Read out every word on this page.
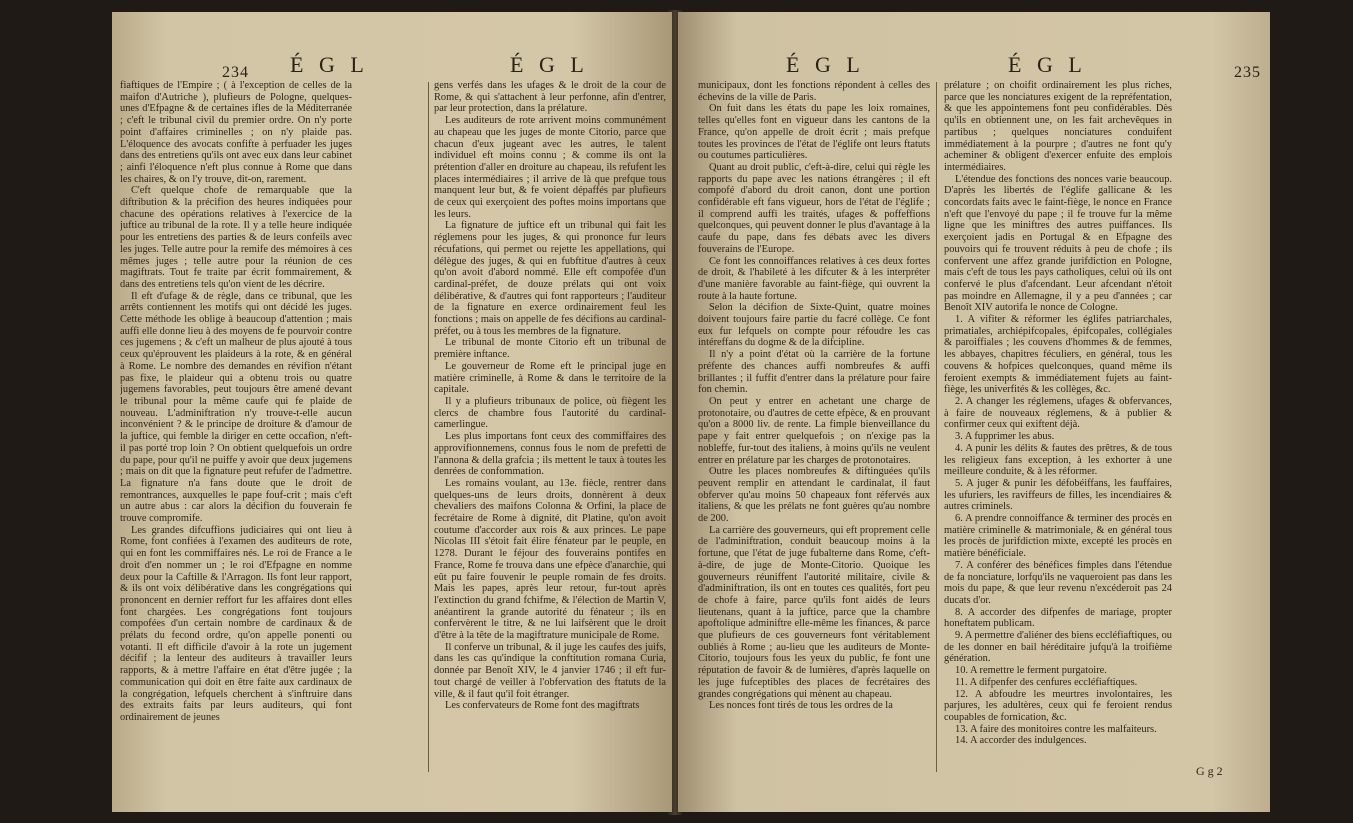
234 É G L	É G L

fiaftiques de l'Empire ; ( à l'exception de celles de la maifon d'Autriche ), plufieurs de Pologne, quelques-unes d'Efpagne & de certaines ifles de la Méditerranée ; c'eft le tribunal civil du premier ordre. On n'y porte point d'affaires criminelles ; on n'y plaide pas. L'éloquence des avocats confifte à perfuader les juges dans des entretiens qu'ils ont avec eux dans leur cabinet ; ainfi l'éloquence n'eft plus connue à Rome que dans les chaires, & on l'y trouve, dit-on, rarement.

C'eft quelque chofe de remarquable que la diftribution & la précifion des heures indiquées pour chacune des opérations relatives à l'exercice de la juftice au tribunal de la rote. Il y a telle heure indiquée pour les entretiens des parties & de leurs confeils avec les juges. Telle autre pour la remife des mémoires à ces mêmes juges ; telle autre pour la réunion de ces magiftrats. Tout fe traite par écrit fommairement, & dans des entretiens tels qu'on vient de les décrire.

Il eft d'ufage & de règle, dans ce tribunal, que les arrêts contiennent les motifs qui ont décidé les juges. Cette méthode les oblige à beaucoup d'attention ; mais auffi elle donne lieu à des moyens de fe pourvoir contre ces jugemens ; & c'eft un malheur de plus ajouté à tous ceux qu'éprouvent les plaideurs à la rote, & en général à Rome. Le nombre des demandes en révifion n'étant pas fixe, le plaideur qui a obtenu trois ou quatre jugemens favorables, peut toujours être amené devant le tribunal pour la même caufe qui fe plaide de nouveau. L'adminiftration n'y trouve-t-elle aucun inconvénient ? & le principe de droiture & d'amour de la juftice, qui femble la diriger en cette occafion, n'eft-il pas porté trop loin ? On obtient quelquefois un ordre du pape, pour qu'il ne puiffe y avoir que deux jugemens ; mais on dit que la fignature peut refufer de l'admettre. La fignature n'a fans doute que le droit de remontrances, auxquelles le pape fouf-crit ; mais c'eft un autre abus : car alors la décifion du fouverain fe trouve compromife.

Les grandes difcuffions judiciaires qui ont lieu à Rome, font confiées à l'examen des auditeurs de rote, qui en font les commiffaires nés. Le roi de France a le droit d'en nommer un ; le roi d'Efpagne en nomme deux pour la Caftille & l'Arragon. Ils font leur rapport, & ils ont voix délibérative dans les congrégations qui prononcent en dernier reffort fur les affaires dont elles font chargées. Les congrégations font toujours compofées d'un certain nombre de cardinaux & de prélats du fecond ordre, qu'on appelle ponenti ou votanti. Il eft difficile d'avoir à la rote un jugement décifif ; la lenteur des auditeurs à travailler leurs rapports, & à mettre l'affaire en état d'être jugée ; la communication qui doit en être faite aux cardinaux de la congrégation, lefquels cherchent à s'inftruire dans des extraits faits par leurs auditeurs, qui font ordinairement de jeunes

gens verfés dans les ufages & le droit de la cour de Rome, & qui s'attachent à leur perfonne, afin d'entrer, par leur protection, dans la prélature.

Les auditeurs de rote arrivent moins communément au chapeau que les juges de monte Citorio, parce que chacun d'eux jugeant avec les autres, le talent individuel eft moins connu ; & comme ils ont la prétention d'aller en droiture au chapeau, ils refufent les places intermédiaires ; il arrive de là que prefque tous manquent leur but, & fe voient dépaffés par plufieurs de ceux qui exerçoient des poftes moins importans que les leurs.

La fignature de juftice eft un tribunal qui fait les réglemens pour les juges, & qui prononce fur leurs récufations, qui permet ou rejette les appellations, qui délègue des juges, & qui en fubftitue d'autres à ceux qu'on avoit d'abord nommé. Elle eft compofée d'un cardinal-préfet, de douze prélats qui ont voix délibérative, & d'autres qui font rapporteurs ; l'auditeur de la fignature en exerce ordinairement feul les fonctions ; mais on appelle de fes décifions au cardinal-préfet, ou à tous les membres de la fignature.

Le tribunal de monte Citorio eft un tribunal de première inftance.

Le gouverneur de Rome eft le principal juge en matière criminelle, à Rome & dans le territoire de la capitale.

Il y a plufieurs tribunaux de police, où fiègent les clercs de chambre fous l'autorité du cardinal-camerlingue.

Les plus importans font ceux des commiffaires des approvifionnemens, connus fous le nom de prefetti de l'annona & della grafcia ; ils mettent le taux à toutes les denrées de confommation.

Les romains voulant, au 13e. fiècle, rentrer dans quelques-uns de leurs droits, donnèrent à deux chevaliers des maifons Colonna & Orfini, la place de fecrétaire de Rome à dignité, dit Platine, qu'on avoit coutume d'accorder aux rois & aux princes. Le pape Nicolas III s'étoit fait élire fénateur par le peuple, en 1278. Durant le féjour des fouverains pontifes en France, Rome fe trouva dans une efpèce d'anarchie, qui eût pu faire fouvenir le peuple romain de fes droits. Mais les papes, après leur retour, fur-tout après l'extinction du grand fchifme, & l'élection de Martin V, anéantirent la grande autorité du fénateur ; ils en confervèrent le titre, & ne lui laifsèrent que le droit d'être à la tête de la magiftrature municipale de Rome.

Il conferve un tribunal, & il juge les caufes des juifs, dans les cas qu'indique la conftitution romana Curia, donnée par Benoît XIV, le 4 janvier 1746 ; il eft fur-tout chargé de veiller à l'obfervation des ftatuts de la ville, & il faut qu'il foit étranger.

Les confervateurs de Rome font des magiftrats

É G L	É G L	235

municipaux, dont les fonctions répondent à celles des échevins de la ville de Paris.

On fuit dans les états du pape les loix romaines, telles qu'elles font en vigueur dans les cantons de la France, qu'on appelle de droit écrit ; mais prefque toutes les provinces de l'état de l'églife ont leurs ftatuts ou coutumes particulières.

Quant au droit public, c'eft-à-dire, celui qui règle les rapports du pape avec les nations étrangères ; il eft compofé d'abord du droit canon, dont une portion confidérable eft fans vigueur, hors de l'état de l'églife ; il comprend auffi les traités, ufages & poffeffions quelconques, qui peuvent donner le plus d'avantage à la caufe du pape, dans fes débats avec les divers fouverains de l'Europe.

Ce font les connoiffances relatives à ces deux fortes de droit, & l'habileté à les difcuter & à les interpréter d'une manière favorable au faint-fiège, qui ouvrent la route à la haute fortune.

Selon la décifion de Sixte-Quint, quatre moines doivent toujours faire partie du facré collège. Ce font eux fur lefquels on compte pour réfoudre les cas intéreffans du dogme & de la difcipline.

Il n'y a point d'état où la carrière de la fortune préfente des chances auffi nombreufes & auffi brillantes ; il fuffit d'entrer dans la prélature pour faire fon chemin.

On peut y entrer en achetant une charge de protonotaire, ou d'autres de cette efpèce, & en prouvant qu'on a 8000 liv. de rente. La fimple bienveillance du pape y fait entrer quelquefois ; on n'exige pas la nobleffe, fur-tout des italiens, à moins qu'ils ne veulent entrer en prélature par les charges de protonotaires.

Outre les places nombreufes & diftinguées qu'ils peuvent remplir en attendant le cardinalat, il faut obferver qu'au moins 50 chapeaux font réfervés aux italiens, & que les prélats ne font guères qu'au nombre de 200.

La carrière des gouverneurs, qui eft proprement celle de l'adminiftration, conduit beaucoup moins à la fortune, que l'état de juge fubalterne dans Rome, c'eft-à-dire, de juge de Monte-Citorio. Quoique les gouverneurs réuniffent l'autorité militaire, civile & d'adminiftration, ils ont en toutes ces qualités, fort peu de chofe à faire, parce qu'ils font aidés de leurs lieutenans, quant à la juftice, parce que la chambre apoftolique adminiftre elle-même les finances, & parce que plufieurs de ces gouverneurs font véritablement oubliés à Rome ; au-lieu que les auditeurs de Monte-Citorio, toujours fous les yeux du public, fe font une réputation de favoir & de lumières, d'après laquelle on les juge fufceptibles des places de fecrétaires des grandes congrégations qui mènent au chapeau.

Les nonces font tirés de tous les ordres de la

prélature ; on choifit ordinairement les plus riches, parce que les nonciatures exigent de la repréfentation, & que les appointemens font peu confidérables. Dès qu'ils en obtiennent une, on les fait archevêques in partibus ; quelques nonciatures conduifent immédiatement à la pourpre ; d'autres ne font qu'y acheminer & obligent d'exercer enfuite des emplois intermédiaires.

L'étendue des fonctions des nonces varie beaucoup. D'après les libertés de l'églife gallicane & les concordats faits avec le faint-fiège, le nonce en France n'eft que l'envoyé du pape ; il fe trouve fur la même ligne que les miniftres des autres puiffances. Ils exerçoient jadis en Portugal & en Efpagne des pouvoirs qui fe trouvent réduits à peu de chofe ; ils confervent une affez grande jurifdiction en Pologne, mais c'eft de tous les pays catholiques, celui où ils ont confervé le plus d'afcendant. Leur afcendant n'étoit pas moindre en Allemagne, il y a peu d'années ; car Benoît XIV autorifa le nonce de Cologne.

1. A vifiter & réformer les églifes patriarchales, primatiales, archiépifcopales, épifcopales, collégiales & paroiffiales ; les couvens d'hommes & de femmes, les abbayes, chapitres féculiers, en général, tous les couvens & hofpices quelconques, quand même ils feroient exempts & immédiatement fujets au faint-fiège, les univerfités & les collèges, &c.

2. A changer les réglemens, ufages & obfervances, à faire de nouveaux réglemens, & à publier & confirmer ceux qui exiftent déjà.

3. A fupprimer les abus.

4. A punir les délits & fautes des prêtres, & de tous les religieux fans exception, à les exhorter à une meilleure conduite, & à les réformer.

5. A juger & punir les défobéiffans, les fauffaires, les ufuriers, les raviffeurs de filles, les incendiaires & autres criminels.

6. A prendre connoiffance & terminer des procès en matière criminelle & matrimoniale, & en général tous les procès de jurifdiction mixte, excepté les procès en matière bénéficiale.

7. A conférer des bénéfices fimples dans l'étendue de fa nonciature, lorfqu'ils ne vaqueroient pas dans les mois du pape, & que leur revenu n'excéderoit pas 24 ducats d'or.

8. A accorder des difpenfes de mariage, propter honeftatem publicam.

9. A permettre d'aliéner des biens eccléfiaftiques, ou de les donner en bail héréditaire jufqu'à la troifième génération.

10. A remettre le ferment purgatoire.

11. A difpenfer des cenfures eccléfiaftiques.

12. A abfoudre les meurtres involontaires, les parjures, les adultères, ceux qui fe feroient rendus coupables de fornication, &c.

13. A faire des monitoires contre les malfaiteurs.

14. A accorder des indulgences.

G g 2
